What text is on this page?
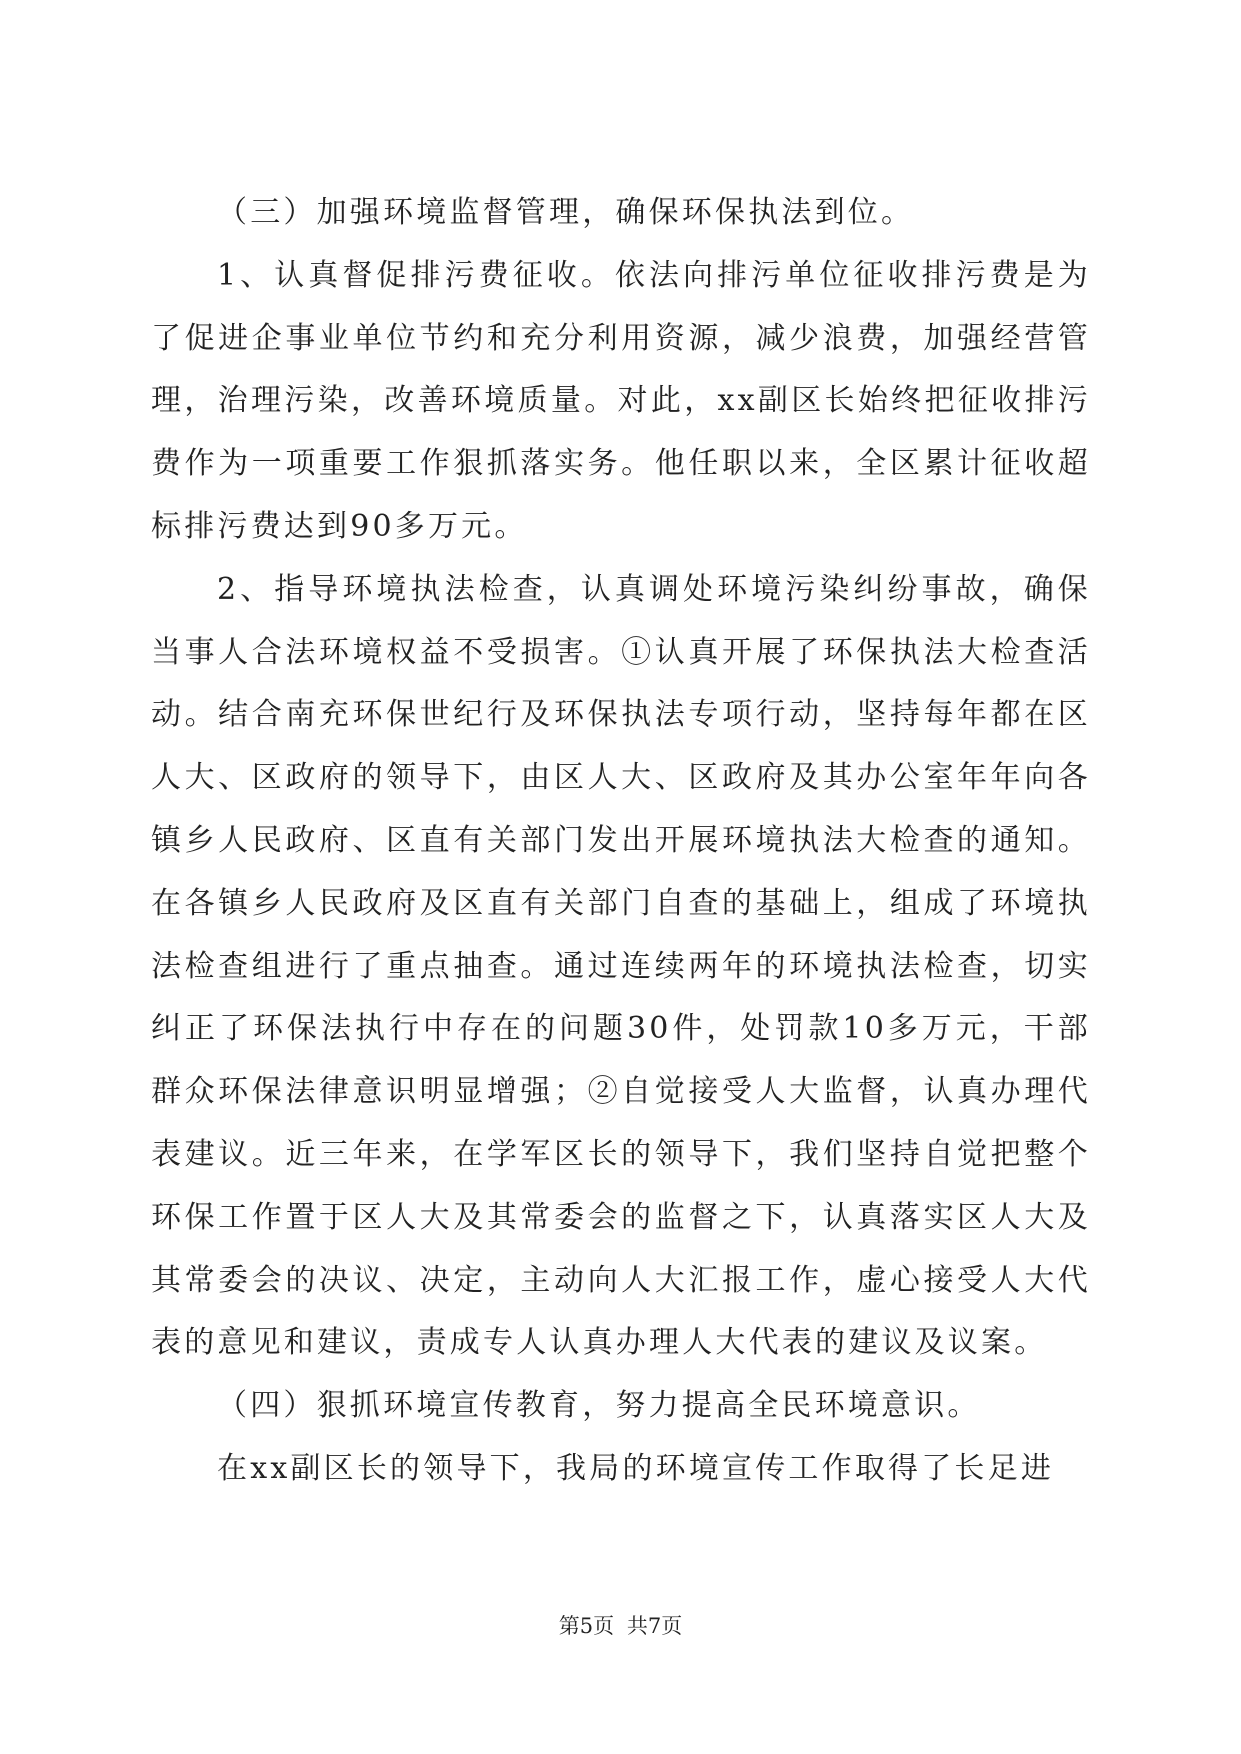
（三）加强环境监督管理，确保环保执法到位。

1、认真督促排污费征收。依法向排污单位征收排污费是为了促进企事业单位节约和充分利用资源，减少浪费，加强经营管理，治理污染，改善环境质量。对此，xx副区长始终把征收排污费作为一项重要工作狠抓落实务。他任职以来，全区累计征收超标排污费达到90多万元。

2、指导环境执法检查，认真调处环境污染纠纷事故，确保当事人合法环境权益不受损害。①认真开展了环保执法大检查活动。结合南充环保世纪行及环保执法专项行动，坚持每年都在区人大、区政府的领导下，由区人大、区政府及其办公室年年向各镇乡人民政府、区直有关部门发出开展环境执法大检查的通知。在各镇乡人民政府及区直有关部门自查的基础上，组成了环境执法检查组进行了重点抽查。通过连续两年的环境执法检查，切实纠正了环保法执行中存在的问题30件，处罚款10多万元，干部群众环保法律意识明显增强；②自觉接受人大监督，认真办理代表建议。近三年来，在学军区长的领导下，我们坚持自觉把整个环保工作置于区人大及其常委会的监督之下，认真落实区人大及其常委会的决议、决定，主动向人大汇报工作，虚心接受人大代表的意见和建议，责成专人认真办理人大代表的建议及议案。

（四）狠抓环境宣传教育，努力提高全民环境意识。

在xx副区长的领导下，我局的环境宣传工作取得了长足进

第5页 共7页
